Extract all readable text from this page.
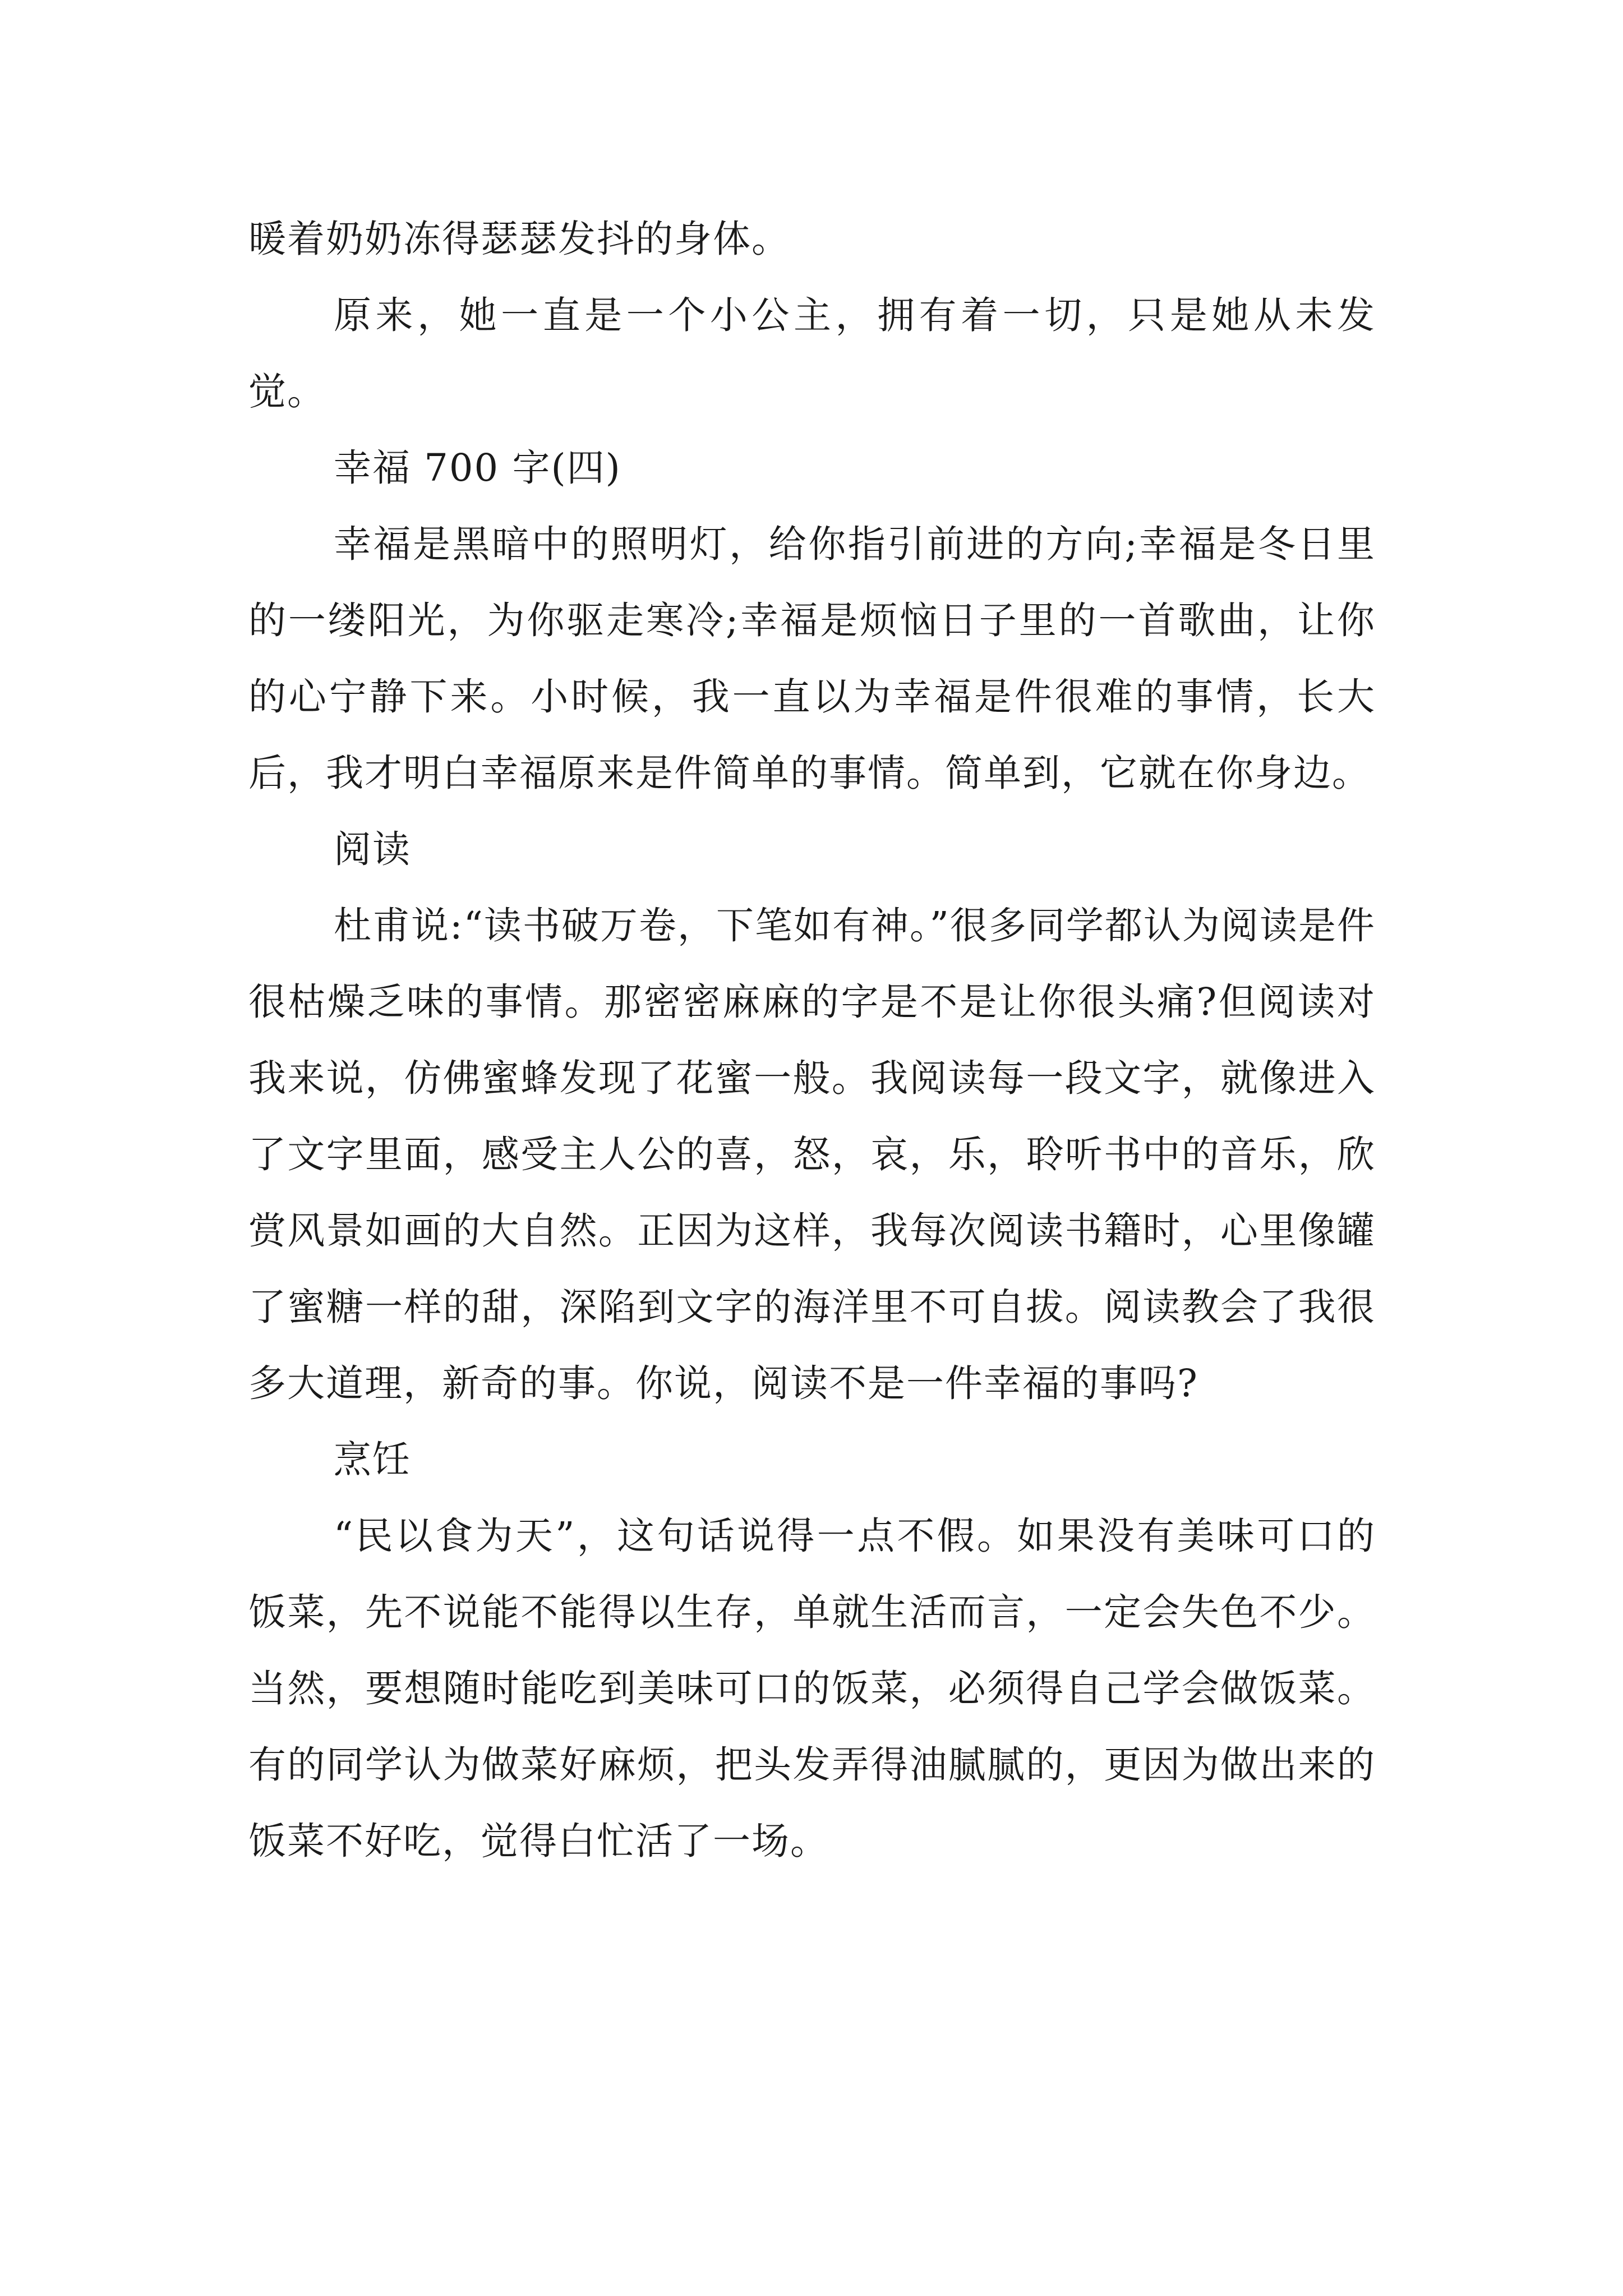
暖着奶奶冻得瑟瑟发抖的身体。

原来，她一直是一个小公主，拥有着一切，只是她从未发觉。

幸福 700 字(四)

幸福是黑暗中的照明灯，给你指引前进的方向;幸福是冬日里的一缕阳光，为你驱走寒冷;幸福是烦恼日子里的一首歌曲，让你的心宁静下来。小时候，我一直以为幸福是件很难的事情，长大后，我才明白幸福原来是件简单的事情。简单到，它就在你身边。

阅读

杜甫说:“读书破万卷，下笔如有神。”很多同学都认为阅读是件很枯燥乏味的事情。那密密麻麻的字是不是让你很头痛?但阅读对我来说，仿佛蜜蜂发现了花蜜一般。我阅读每一段文字，就像进入了文字里面，感受主人公的喜，怒，哀，乐，聆听书中的音乐，欣赏风景如画的大自然。正因为这样，我每次阅读书籍时，心里像罐了蜜糖一样的甜，深陷到文字的海洋里不可自拔。阅读教会了我很多大道理，新奇的事。你说，阅读不是一件幸福的事吗?

烹饪

“民以食为天”，这句话说得一点不假。如果没有美味可口的饭菜，先不说能不能得以生存，单就生活而言，一定会失色不少。当然，要想随时能吃到美味可口的饭菜，必须得自己学会做饭菜。有的同学认为做菜好麻烦，把头发弄得油腻腻的，更因为做出来的饭菜不好吃，觉得白忙活了一场。
